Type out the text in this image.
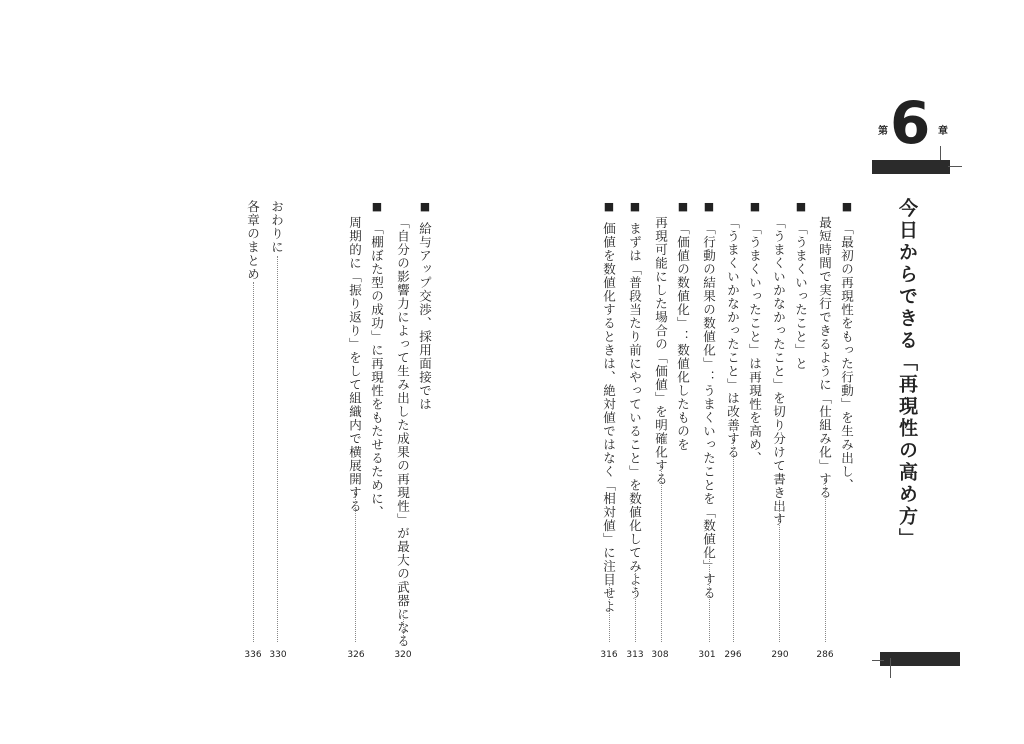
第 6 章
今日からできる「再現性の高め方」
■ 「最初の再現性をもった行動」を生み出し、
最短時間で実行できるように「仕組み化」する
286
■ 「うまくいったこと」と
「うまくいかなかったこと」を切り分けて書き出す
290
■ 「うまくいったこと」は再現性を高め、
「うまくいかなかったこと」は改善する
296
■ 「行動の結果の数値化」：うまくいったことを「数値化」する
301
■ 「価値の数値化」：数値化したものを
再現可能にした場合の「価値」を明確化する
308
■ まずは「普段当たり前にやっていること」を数値化してみよう
313
■ 価値を数値化するときは、絶対値ではなく「相対値」に注目せよ
316
■ 給与アップ交渉、採用面接では
「自分の影響力によって生み出した成果の再現性」が最大の武器になる
320
■ 「棚ぼた型の成功」に再現性をもたせるために、
周期的に「振り返り」をして組織内で横展開する
326
おわりに
330
各章のまとめ
336
